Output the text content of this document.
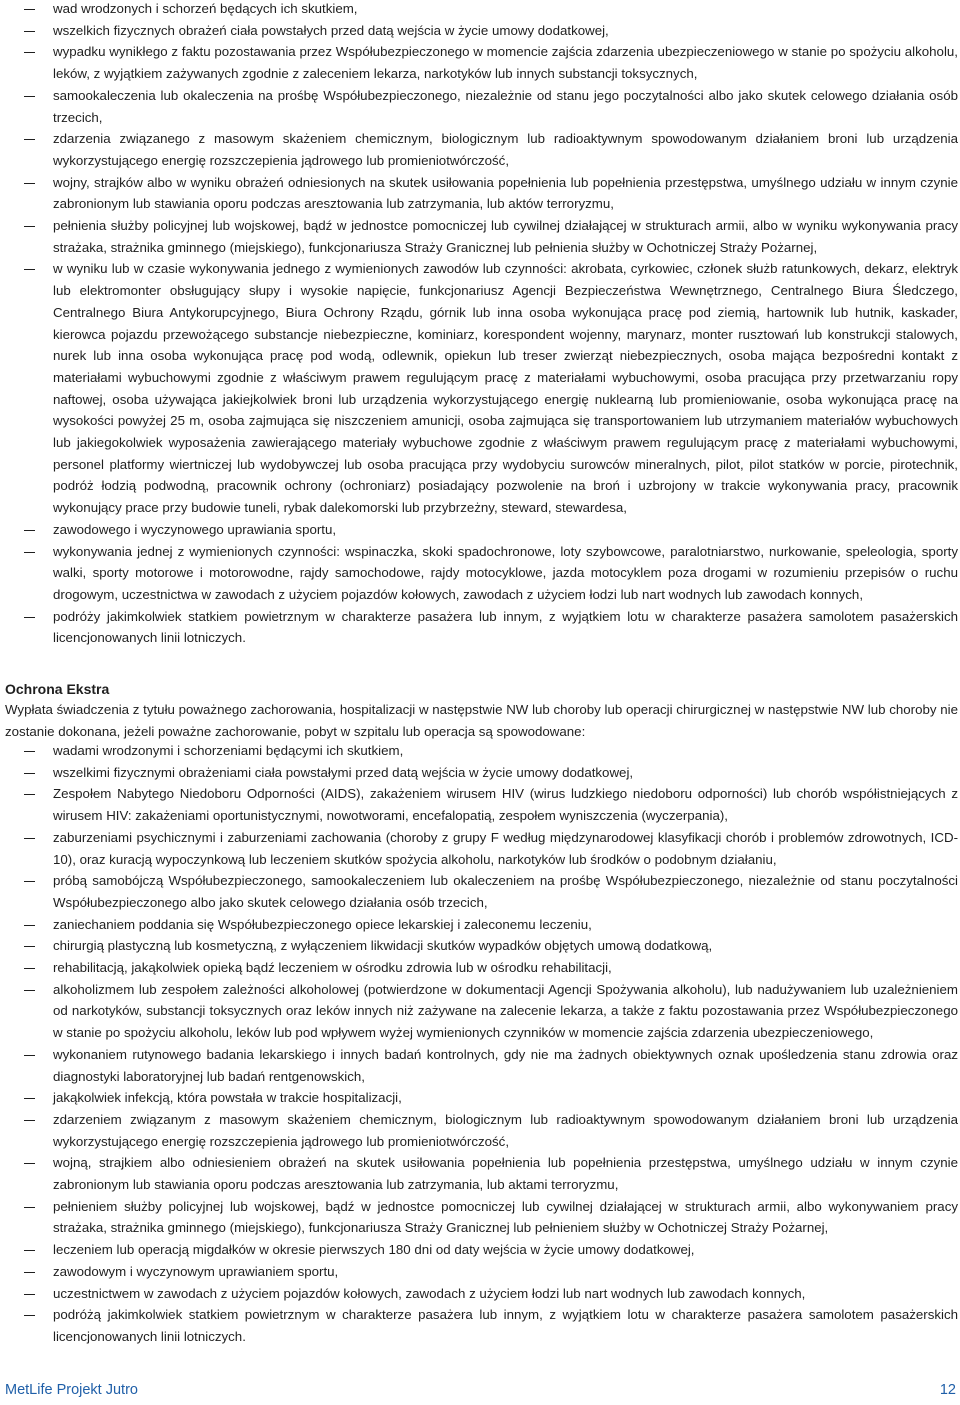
wad wrodzonych i schorzeń będących ich skutkiem,
wszelkich fizycznych obrażeń ciała powstałych przed datą wejścia w życie umowy dodatkowej,
wypadku wynikłego z faktu pozostawania przez Współubezpieczonego w momencie zajścia zdarzenia ubezpieczeniowego w stanie po spożyciu alkoholu, leków, z wyjątkiem zażywanych zgodnie z zaleceniem lekarza, narkotyków lub innych substancji toksycznych,
samookaleczenia lub okaleczenia na prośbę Współubezpieczonego, niezależnie od stanu jego poczytalności albo jako skutek celowego działania osób trzecich,
zdarzenia związanego z masowym skażeniem chemicznym, biologicznym lub radioaktywnym spowodowanym działaniem broni lub urządzenia wykorzystującego energię rozszczepienia jądrowego lub promieniotwórczość,
wojny, strajków albo w wyniku obrażeń odniesionych na skutek usiłowania popełnienia lub popełnienia przestępstwa, umyślnego udziału w innym czynie zabronionym lub stawiania oporu podczas aresztowania lub zatrzymania, lub aktów terroryzmu,
pełnienia służby policyjnej lub wojskowej, bądź w jednostce pomocniczej lub cywilnej działającej w strukturach armii, albo w wyniku wykonywania pracy strażaka, strażnika gminnego (miejskiego), funkcjonariusza Straży Granicznej lub pełnienia służby w Ochotniczej Straży Pożarnej,
w wyniku lub w czasie wykonywania jednego z wymienionych zawodów lub czynności: akrobata, cyrkowiec, członek służb ratunkowych, dekarz, elektryk lub elektromonter obsługujący słupy i wysokie napięcie, funkcjonariusz Agencji Bezpieczeństwa Wewnętrznego, Centralnego Biura Śledczego, Centralnego Biura Antykorupcyjnego, Biura Ochrony Rządu, górnik lub inna osoba wykonująca pracę pod ziemią, hartownik lub hutnik, kaskader, kierowca pojazdu przewożącego substancje niebezpieczne, kominiarz, korespondent wojenny, marynarz, monter rusztowań lub konstrukcji stalowych, nurek lub inna osoba wykonująca pracę pod wodą, odlewnik, opiekun lub treser zwierząt niebezpiecznych, osoba mająca bezpośredni kontakt z materiałami wybuchowymi zgodnie z właściwym prawem regulującym pracę z materiałami wybuchowymi, osoba pracująca przy przetwarzaniu ropy naftowej, osoba używająca jakiejkolwiek broni lub urządzenia wykorzystującego energię nuklearną lub promieniowanie, osoba wykonująca pracę na wysokości powyżej 25 m, osoba zajmująca się niszczeniem amunicji, osoba zajmująca się transportowaniem lub utrzymaniem materiałów wybuchowych lub jakiegokolwiek wyposażenia zawierającego materiały wybuchowe zgodnie z właściwym prawem regulującym pracę z materiałami wybuchowymi, personel platformy wiertniczej lub wydobywczej lub osoba pracująca przy wydobyciu surowców mineralnych, pilot, pilot statków w porcie, pirotechnik, podróż łodzią podwodną, pracownik ochrony (ochroniarz) posiadający pozwolenie na broń i uzbrojony w trakcie wykonywania pracy, pracownik wykonujący prace przy budowie tuneli, rybak dalekomorski lub przybrzeżny, steward, stewardesa,
zawodowego i wyczynowego uprawiania sportu,
wykonywania jednej z wymienionych czynności: wspinaczka, skoki spadochronowe, loty szybowcowe, paralotniarstwo, nurkowanie, speleologia, sporty walki, sporty motorowe i motorowodne, rajdy samochodowe, rajdy motocyklowe, jazda motocyklem poza drogami w rozumieniu przepisów o ruchu drogowym, uczestnictwa w zawodach z użyciem pojazdów kołowych, zawodach z użyciem łodzi lub nart wodnych lub zawodach konnych,
podróży jakimkolwiek statkiem powietrznym w charakterze pasażera lub innym, z wyjątkiem lotu w charakterze pasażera samolotem pasażerskich licencjonowanych linii lotniczych.
Ochrona Ekstra
Wypłata świadczenia z tytułu poważnego zachorowania, hospitalizacji w następstwie NW lub choroby lub operacji chirurgicznej w następstwie NW lub choroby nie zostanie dokonana, jeżeli poważne zachorowanie, pobyt w szpitalu lub operacja są spowodowane:
wadami wrodzonymi i schorzeniami będącymi ich skutkiem,
wszelkimi fizycznymi obrażeniami ciała powstałymi przed datą wejścia w życie umowy dodatkowej,
Zespołem Nabytego Niedoboru Odporności (AIDS), zakażeniem wirusem HIV (wirus ludzkiego niedoboru odporności) lub chorób współistniejących z wirusem HIV: zakażeniami oportunistycznymi, nowotworami, encefalopatią, zespołem wyniszczenia (wyczerpania),
zaburzeniami psychicznymi i zaburzeniami zachowania (choroby z grupy F według międzynarodowej klasyfikacji chorób i problemów zdrowotnych, ICD-10), oraz kuracją wypoczynkową lub leczeniem skutków spożycia alkoholu, narkotyków lub środków o podobnym działaniu,
próbą samobójczą Współubezpieczonego, samookaleczeniem lub okaleczeniem na prośbę Współubezpieczonego, niezależnie od stanu poczytalności Współubezpieczonego albo jako skutek celowego działania osób trzecich,
zaniechaniem poddania się Współubezpieczonego opiece lekarskiej i zaleconemu leczeniu,
chirurgią plastyczną lub kosmetyczną, z wyłączeniem likwidacji skutków wypadków objętych umową dodatkową,
rehabilitacją, jakąkolwiek opieką bądź leczeniem w ośrodku zdrowia lub w ośrodku rehabilitacji,
alkoholizmem lub zespołem zależności alkoholowej (potwierdzone w dokumentacji Agencji Spożywania alkoholu), lub nadużywaniem lub uzależnieniem od narkotyków, substancji toksycznych oraz leków innych niż zażywane na zalecenie lekarza, a także z faktu pozostawania przez Współubezpieczonego w stanie po spożyciu alkoholu, leków lub pod wpływem wyżej wymienionych czynników w momencie zajścia zdarzenia ubezpieczeniowego,
wykonaniem rutynowego badania lekarskiego i innych badań kontrolnych, gdy nie ma żadnych obiektywnych oznak upośledzenia stanu zdrowia oraz diagnostyki laboratoryjnej lub badań rentgenowskich,
jakąkolwiek infekcją, która powstała w trakcie hospitalizacji,
zdarzeniem związanym z masowym skażeniem chemicznym, biologicznym lub radioaktywnym spowodowanym działaniem broni lub urządzenia wykorzystującego energię rozszczepienia jądrowego lub promieniotwórczość,
wojną, strajkiem albo odniesieniem obrażeń na skutek usiłowania popełnienia lub popełnienia przestępstwa, umyślnego udziału w innym czynie zabronionym lub stawiania oporu podczas aresztowania lub zatrzymania, lub aktami terroryzmu,
pełnieniem służby policyjnej lub wojskowej, bądź w jednostce pomocniczej lub cywilnej działającej w strukturach armii, albo wykonywaniem pracy strażaka, strażnika gminnego (miejskiego), funkcjonariusza Straży Granicznej lub pełnieniem służby w Ochotniczej Straży Pożarnej,
leczeniem lub operacją migdałków w okresie pierwszych 180 dni od daty wejścia w życie umowy dodatkowej,
zawodowym i wyczynowym uprawianiem sportu,
uczestnictwem w zawodach z użyciem pojazdów kołowych, zawodach z użyciem łodzi lub nart wodnych lub zawodach konnych,
podróżą jakimkolwiek statkiem powietrznym w charakterze pasażera lub innym, z wyjątkiem lotu w charakterze pasażera samolotem pasażerskich licencjonowanych linii lotniczych.
MetLife Projekt Jutro	12
